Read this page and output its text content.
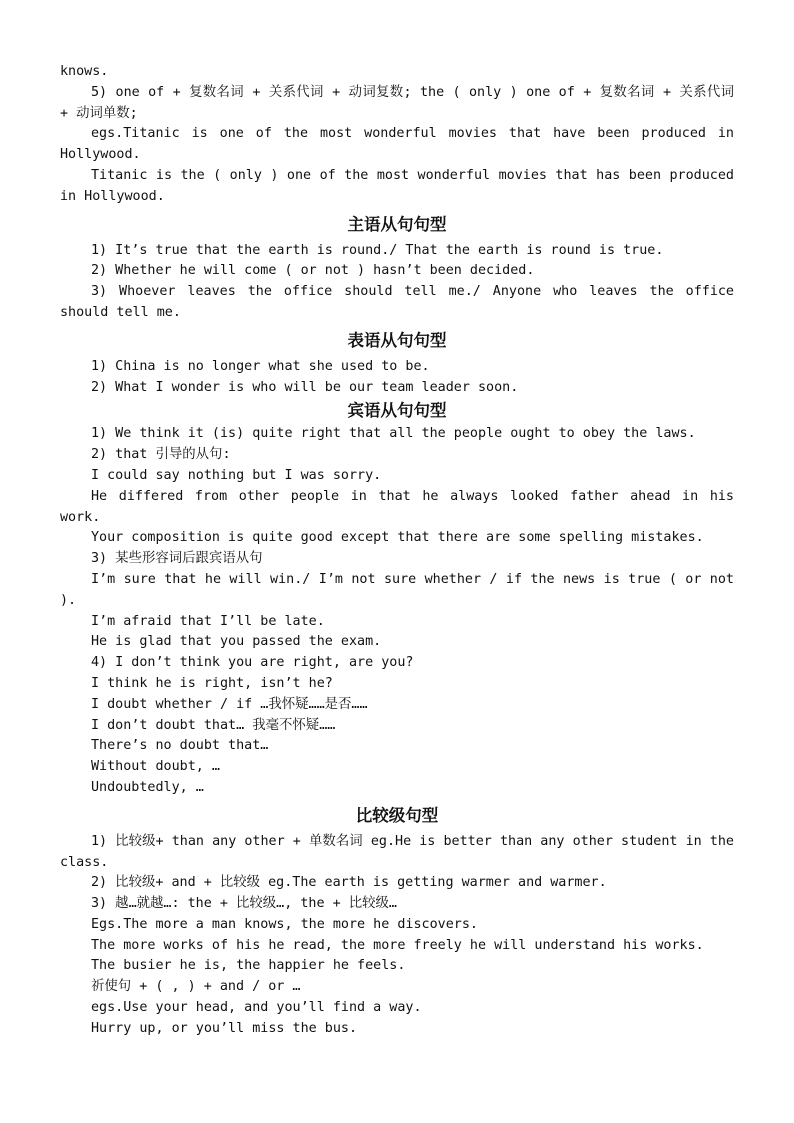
knows.

5) one of + 复数名词 + 关系代词 + 动词复数; the ( only ) one of + 复数名词 + 关系代词 + 动词单数;

egs.Titanic is one of the most wonderful movies that have been produced in Hollywood.

Titanic is the ( only ) one of the most wonderful movies that has been produced in Hollywood.

主语从句句型

1) It’s true that the earth is round./ That the earth is round is true.

2) Whether he will come ( or not ) hasn’t been decided.

3) Whoever leaves the office should tell me./ Anyone who leaves the office should tell me.

表语从句句型

1) China is no longer what she used to be.

2) What I wonder is who will be our team leader soon.

宾语从句句型

1) We think it (is) quite right that all the people ought to obey the laws.

2) that 引导的从句:

I could say nothing but I was sorry.

He differed from other people in that he always looked father ahead in his work.

Your composition is quite good except that there are some spelling mistakes.

3) 某些形容词后跟宾语从句

I’m sure that he will win./ I’m not sure whether / if the news is true ( or not ).

I’m afraid that I’ll be late.

He is glad that you passed the exam.

4) I don’t think you are right, are you?

I think he is right, isn’t he?

I doubt whether / if …我怀疑……是否……

I don’t doubt that… 我毫不怀疑……

There’s no doubt that…

Without doubt, …

Undoubtedly, …

比较级句型

1) 比较级+ than any other + 单数名词 eg.He is better than any other student in the class.

2) 比较级+ and + 比较级 eg.The earth is getting warmer and warmer.

3) 越…就越…: the + 比较级…, the + 比较级…

Egs.The more a man knows, the more he discovers.

The more works of his he read, the more freely he will understand his works.

The busier he is, the happier he feels.

祈使句 + ( , ) + and / or …

egs.Use your head, and you’ll find a way.

Hurry up, or you’ll miss the bus.
